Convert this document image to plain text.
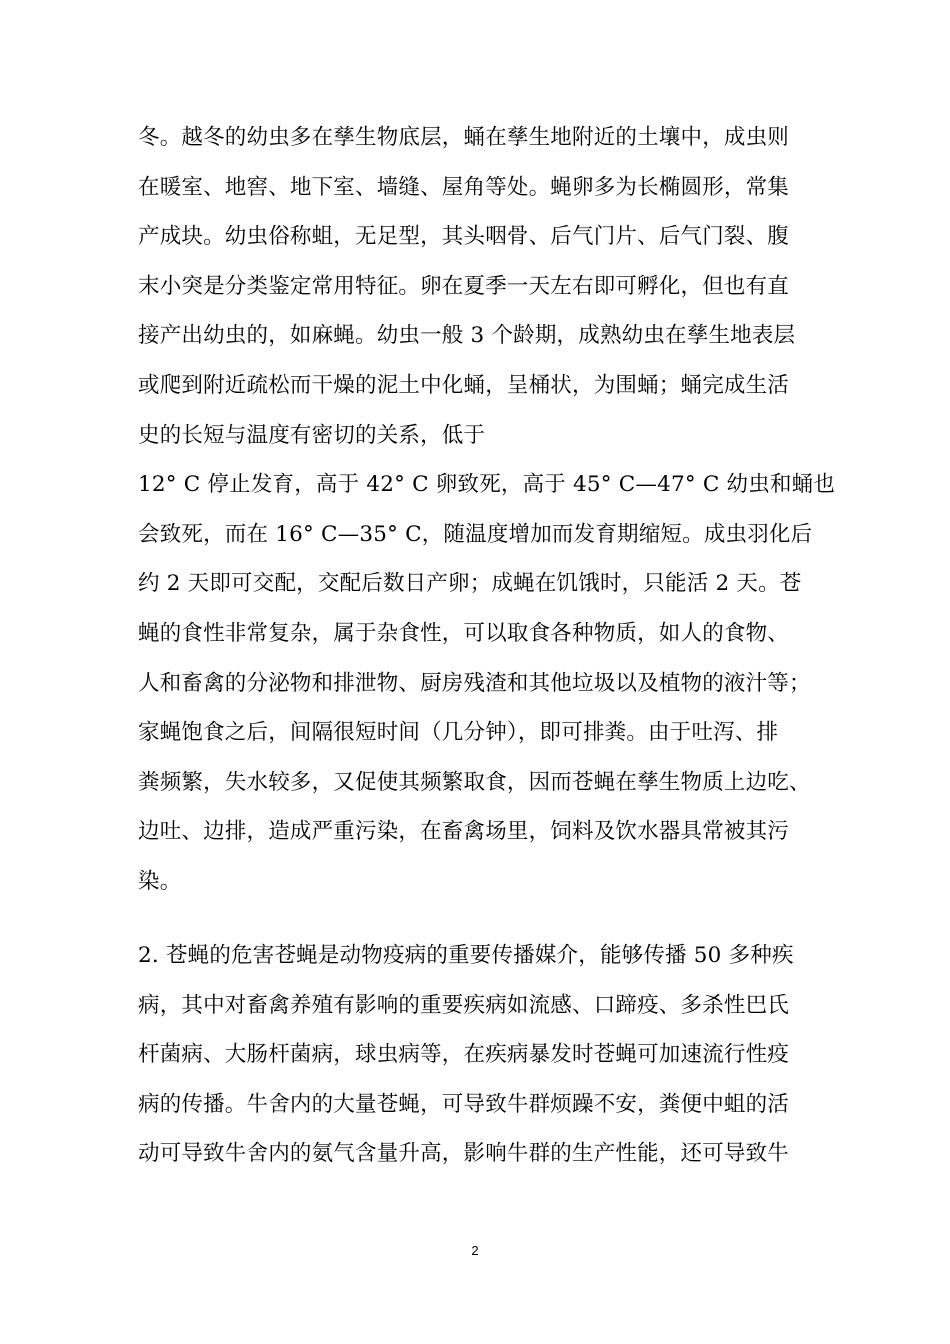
冬。越冬的幼虫多在孳生物底层，蛹在孳生地附近的土壤中，成虫则
在暖室、地窖、地下室、墙缝、屋角等处。蝇卵多为长椭圆形，常集
产成块。幼虫俗称蛆，无足型，其头咽骨、后气门片、后气门裂、腹
末小突是分类鉴定常用特征。卵在夏季一天左右即可孵化，但也有直
接产出幼虫的，如麻蝇。幼虫一般 3 个龄期，成熟幼虫在孳生地表层
或爬到附近疏松而干燥的泥土中化蛹，呈桶状，为围蛹；蛹完成生活
史的长短与温度有密切的关系，低于
12° C 停止发育，高于 42° C 卵致死，高于 45° C—47° C 幼虫和蛹也
会致死，而在 16° C—35° C，随温度增加而发育期缩短。成虫羽化后
约 2 天即可交配，交配后数日产卵；成蝇在饥饿时，只能活 2 天。苍
蝇的食性非常复杂，属于杂食性，可以取食各种物质，如人的食物、
人和畜禽的分泌物和排泄物、厨房残渣和其他垃圾以及植物的液汁等；
家蝇饱食之后，间隔很短时间（几分钟），即可排粪。由于吐泻、排
粪频繁，失水较多，又促使其频繁取食，因而苍蝇在孳生物质上边吃、
边吐、边排，造成严重污染，在畜禽场里，饲料及饮水器具常被其污
染。
2. 苍蝇的危害苍蝇是动物疫病的重要传播媒介，能够传播 50 多种疾
病，其中对畜禽养殖有影响的重要疾病如流感、口蹄疫、多杀性巴氏
杆菌病、大肠杆菌病，球虫病等，在疾病暴发时苍蝇可加速流行性疫
病的传播。牛舍内的大量苍蝇，可导致牛群烦躁不安，粪便中蛆的活
动可导致牛舍内的氨气含量升高，影响牛群的生产性能，还可导致牛
2
